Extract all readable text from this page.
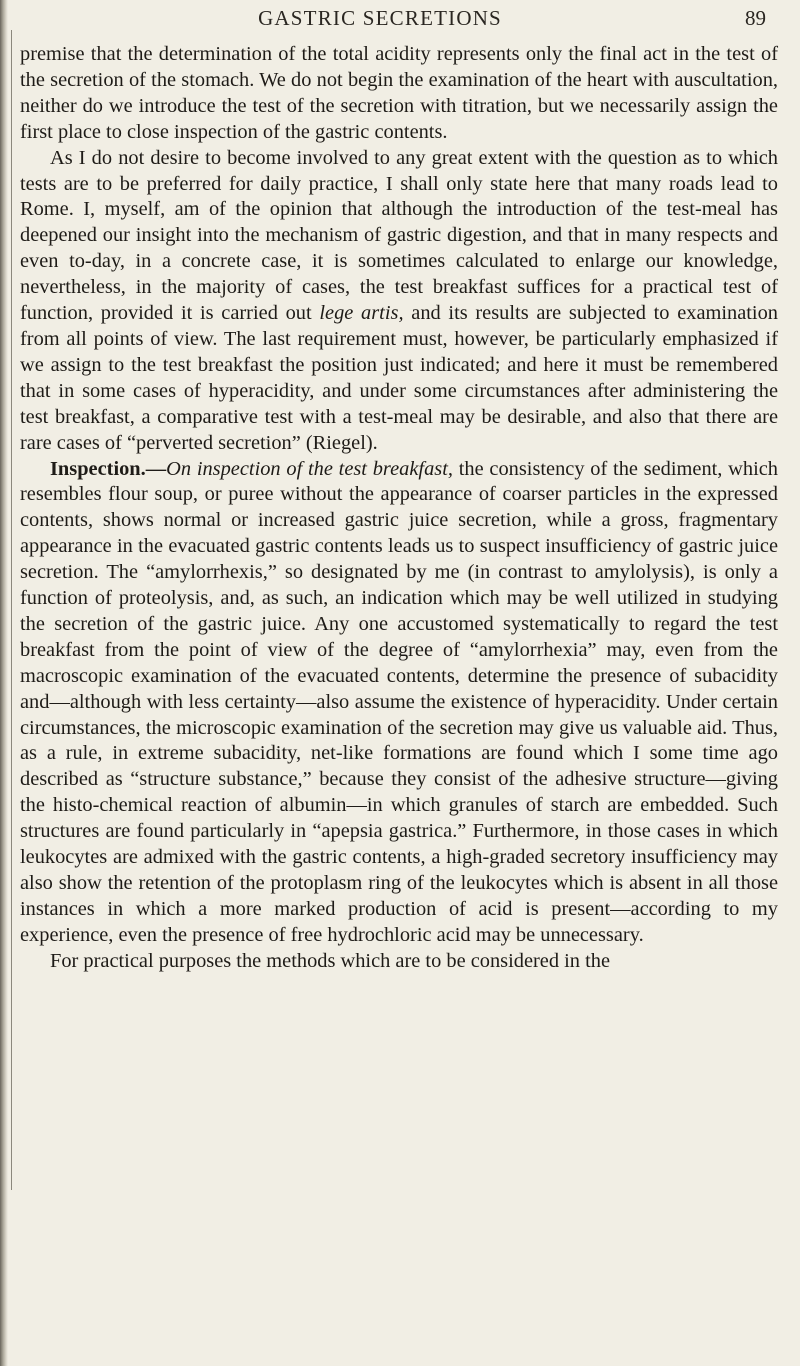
GASTRIC SECRETIONS	89

premise that the determination of the total acidity represents only the final act in the test of the secretion of the stomach. We do not begin the examination of the heart with auscultation, neither do we introduce the test of the secretion with titration, but we necessarily assign the first place to close inspection of the gastric contents.

As I do not desire to become involved to any great extent with the question as to which tests are to be preferred for daily practice, I shall only state here that many roads lead to Rome. I, myself, am of the opinion that although the introduction of the test-meal has deepened our insight into the mechanism of gastric digestion, and that in many respects and even to-day, in a concrete case, it is sometimes calculated to enlarge our knowledge, nevertheless, in the majority of cases, the test breakfast suffices for a practical test of function, provided it is carried out lege artis, and its results are subjected to examination from all points of view. The last requirement must, however, be particularly emphasized if we assign to the test breakfast the position just indicated; and here it must be remembered that in some cases of hyperacidity, and under some circumstances after administering the test breakfast, a comparative test with a test-meal may be desirable, and also that there are rare cases of “perverted secretion” (Riegel).

Inspection.—On inspection of the test breakfast, the consistency of the sediment, which resembles flour soup, or puree without the appearance of coarser particles in the expressed contents, shows normal or increased gastric juice secretion, while a gross, fragmentary appearance in the evacuated gastric contents leads us to suspect insufficiency of gastric juice secretion. The “amylorrhexis,” so designated by me (in contrast to amylolysis), is only a function of proteolysis, and, as such, an indication which may be well utilized in studying the secretion of the gastric juice. Any one accustomed systematically to regard the test breakfast from the point of view of the degree of “amylorrhexia” may, even from the macroscopic examination of the evacuated contents, determine the presence of subacidity and—although with less certainty—also assume the existence of hyperacidity. Under certain circumstances, the microscopic examination of the secretion may give us valuable aid. Thus, as a rule, in extreme subacidity, net-like formations are found which I some time ago described as “structure substance,” because they consist of the adhesive structure—giving the histo-chemical reaction of albumin—in which granules of starch are embedded. Such structures are found particularly in “apepsia gastrica.” Furthermore, in those cases in which leukocytes are admixed with the gastric contents, a high-graded secretory insufficiency may also show the retention of the protoplasm ring of the leukocytes which is absent in all those instances in which a more marked production of acid is present—according to my experience, even the presence of free hydrochloric acid may be unnecessary.

For practical purposes the methods which are to be considered in the
